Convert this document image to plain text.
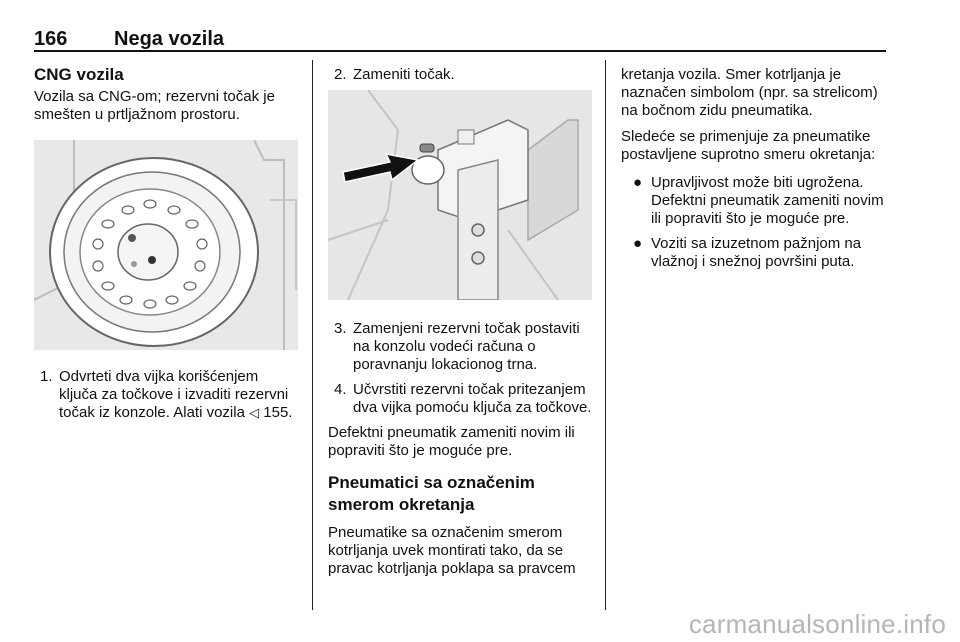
166 Nega vozila
CNG vozila

Vozila sa CNG-om; rezervni točak je smešten u prtljažnom prostoru.

1. Odvrteti dva vijka korišćenjem ključa za točkove i izvaditi rezervni točak iz konzole. Alati vozila ◁ 155.
2. Zameniti točak.
3. Zamenjeni rezervni točak postaviti na konzolu vodeći računa o poravnanju lokacionog trna.
4. Učvrstiti rezervni točak pritezanjem dva vijka pomoću ključa za točkove.

Defektni pneumatik zameniti novim ili popraviti što je moguće pre.

Pneumatici sa označenim smerom okretanja

Pneumatike sa označenim smerom kotrljanja uvek montirati tako, da se pravac kotrljanja poklapa sa pravcem

kretanja vozila. Smer kotrljanja je naznačen simbolom (npr. sa strelicom) na bočnom zidu pneumatika.

Sledeće se primenjuje za pneumatike postavljene suprotno smeru okretanja:

● Upravljivost može biti ugrožena. Defektni pneumatik zameniti novim ili popraviti što je moguće pre.
● Voziti sa izuzetnom pažnjom na vlažnoj i snežnoj površini puta.
carmanualsonline.info
